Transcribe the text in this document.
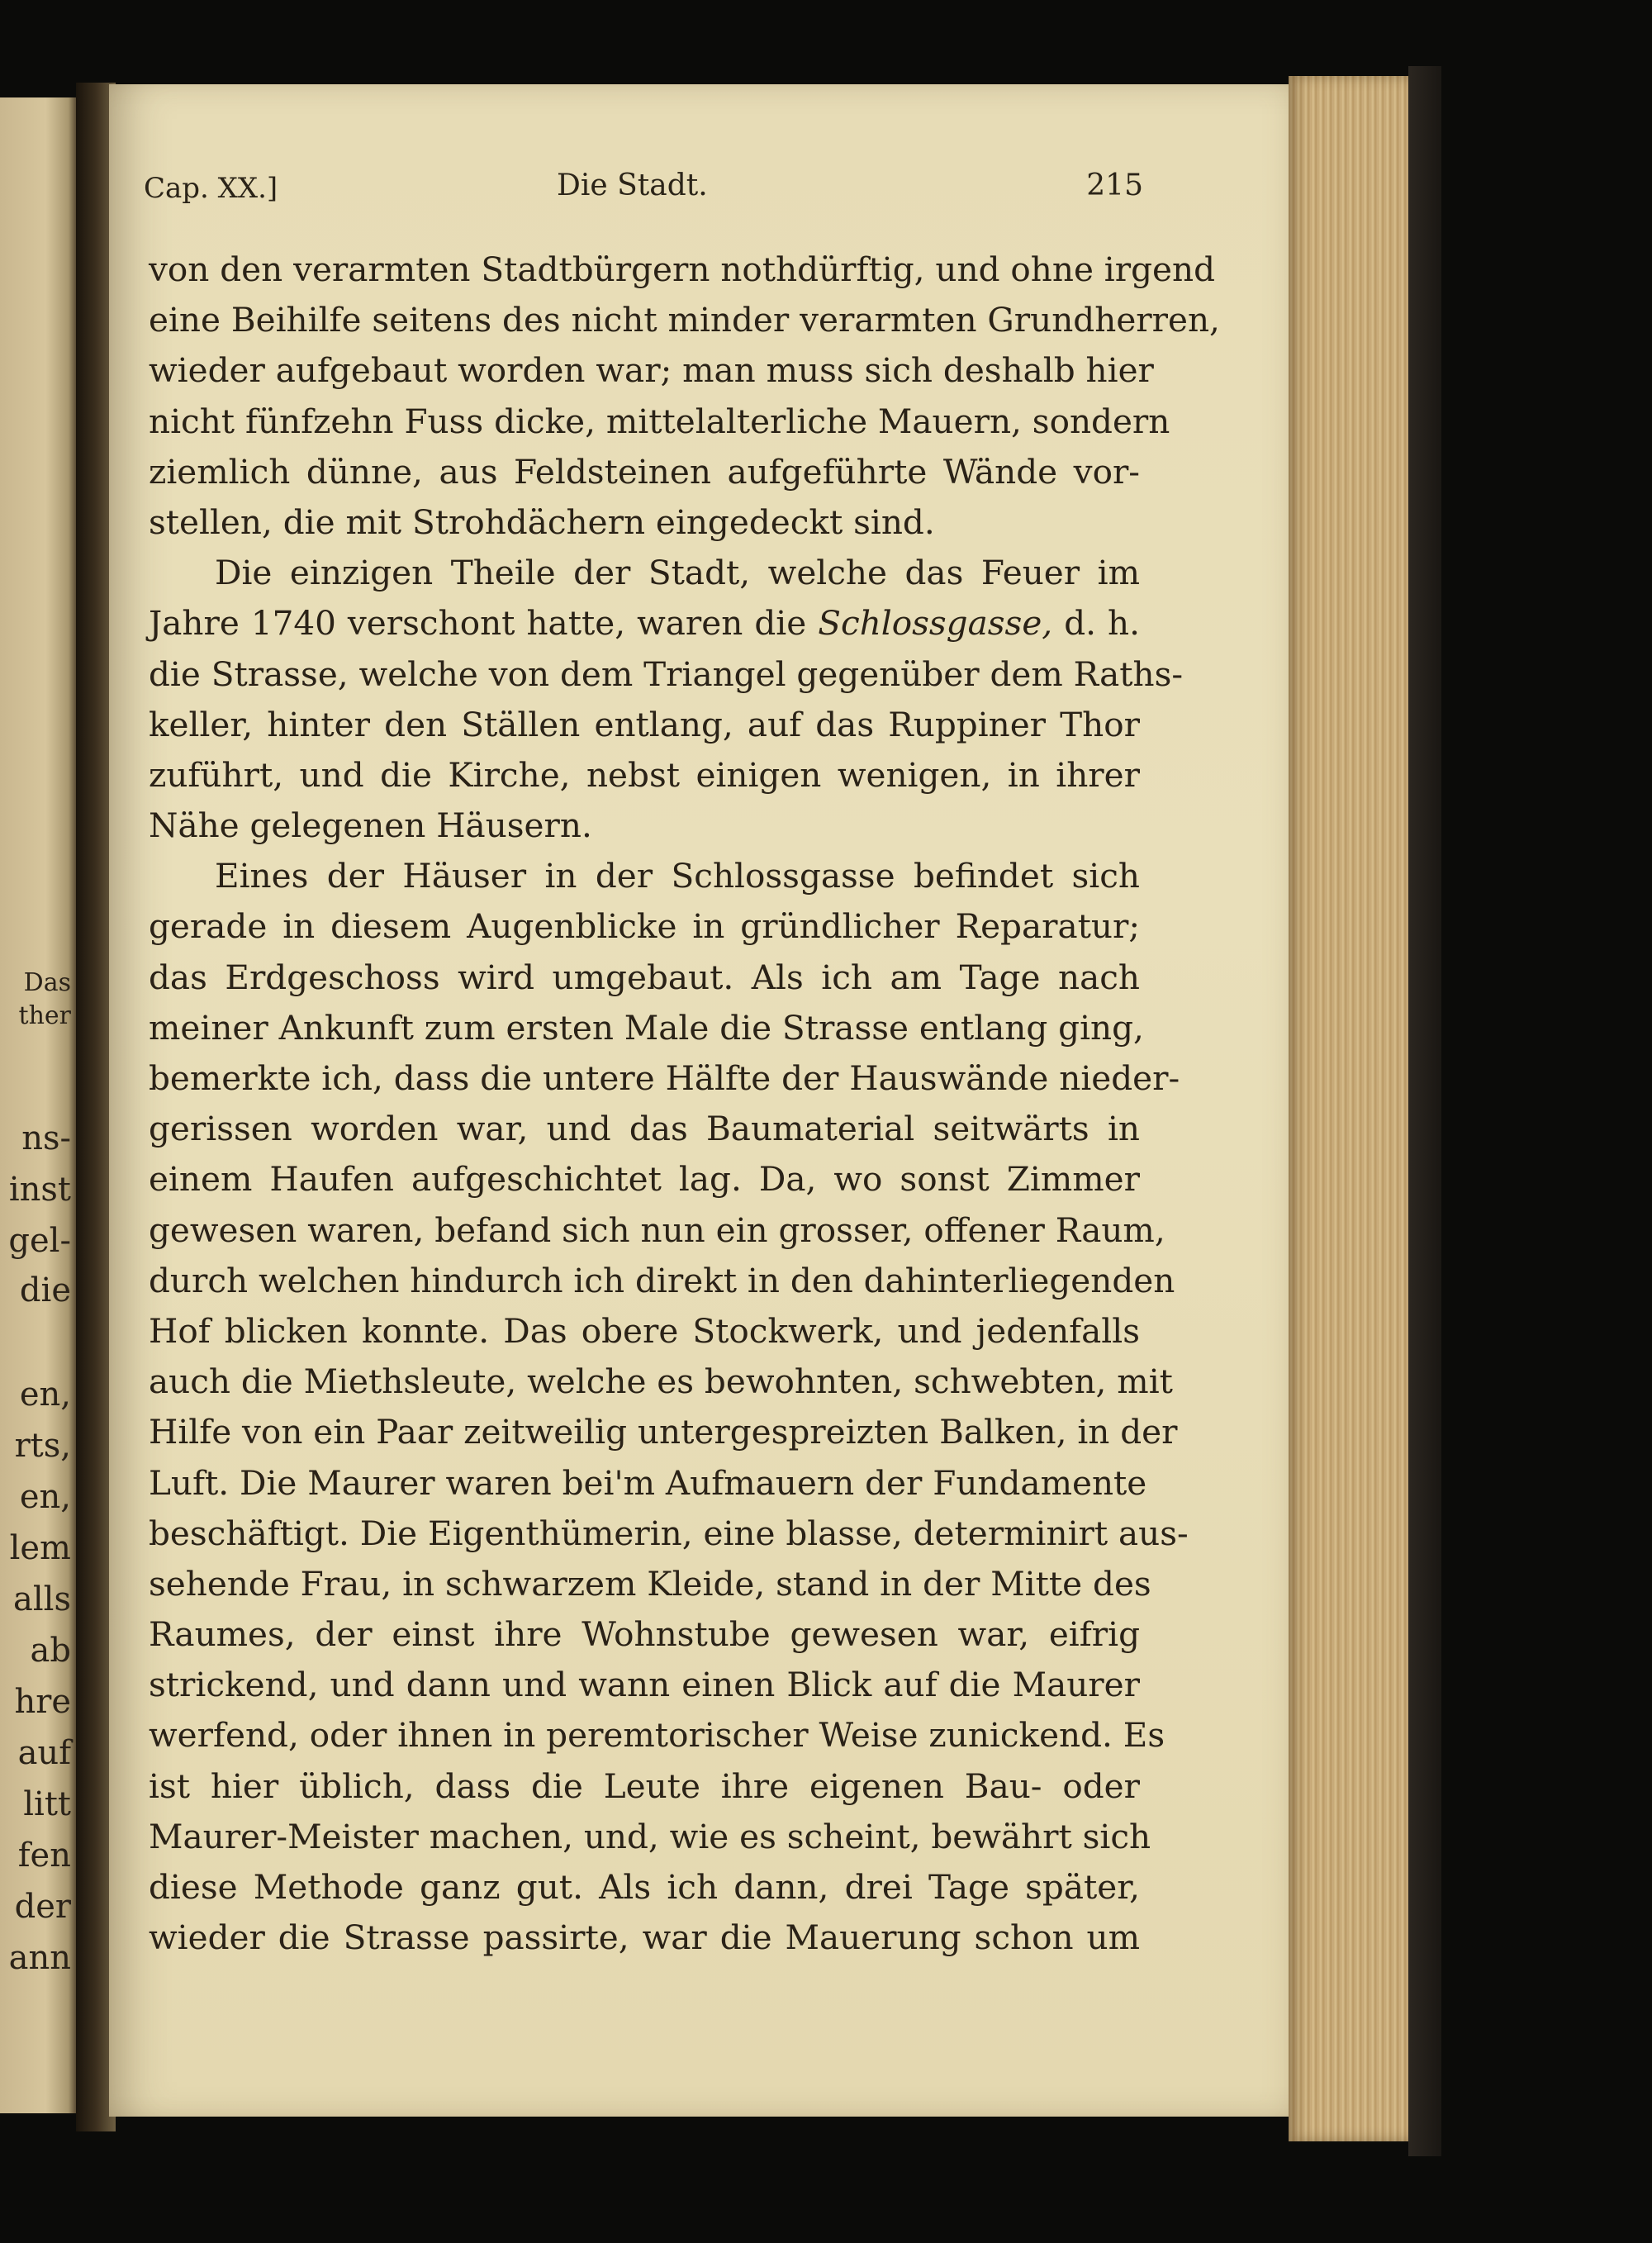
Das
ther
ns-
inst
gel-
die
en,
rts,
en,
lem
alls
ab
hre
auf
litt
fen
der
ann
Cap. XX.]	Die Stadt.	215
von den verarmten Stadtbürgern nothdürftig, und ohne irgend
eine Beihilfe seitens des nicht minder verarmten Grundherren,
wieder aufgebaut worden war; man muss sich deshalb hier
nicht fünfzehn Fuss dicke, mittelalterliche Mauern, sondern
ziemlich dünne, aus Feldsteinen aufgeführte Wände vor-
stellen, die mit Strohdächern eingedeckt sind.
Die einzigen Theile der Stadt, welche das Feuer im
Jahre 1740 verschont hatte, waren die Schlossgasse, d. h.
die Strasse, welche von dem Triangel gegenüber dem Raths-
keller, hinter den Ställen entlang, auf das Ruppiner Thor
zuführt, und die Kirche, nebst einigen wenigen, in ihrer
Nähe gelegenen Häusern.
Eines der Häuser in der Schlossgasse befindet sich
gerade in diesem Augenblicke in gründlicher Reparatur;
das Erdgeschoss wird umgebaut. Als ich am Tage nach
meiner Ankunft zum ersten Male die Strasse entlang ging,
bemerkte ich, dass die untere Hälfte der Hauswände nieder-
gerissen worden war, und das Baumaterial seitwärts in
einem Haufen aufgeschichtet lag. Da, wo sonst Zimmer
gewesen waren, befand sich nun ein grosser, offener Raum,
durch welchen hindurch ich direkt in den dahinterliegenden
Hof blicken konnte. Das obere Stockwerk, und jedenfalls
auch die Miethsleute, welche es bewohnten, schwebten, mit
Hilfe von ein Paar zeitweilig untergespreizten Balken, in der
Luft. Die Maurer waren bei'm Aufmauern der Fundamente
beschäftigt. Die Eigenthümerin, eine blasse, determinirt aus-
sehende Frau, in schwarzem Kleide, stand in der Mitte des
Raumes, der einst ihre Wohnstube gewesen war, eifrig
strickend, und dann und wann einen Blick auf die Maurer
werfend, oder ihnen in peremtorischer Weise zunickend. Es
ist hier üblich, dass die Leute ihre eigenen Bau- oder
Maurer-Meister machen, und, wie es scheint, bewährt sich
diese Methode ganz gut. Als ich dann, drei Tage später,
wieder die Strasse passirte, war die Mauerung schon um
